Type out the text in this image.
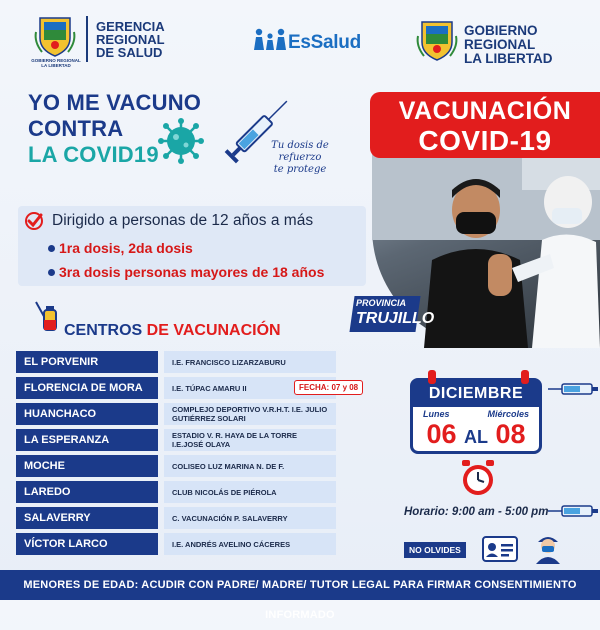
GOBIERNO REGIONAL LA LIBERTAD
GERENCIA
REGIONAL
DE SALUD	EsSalud
GOBIERNO
REGIONAL
LA LIBERTAD
YO ME VACUNO
CONTRA
LA COVID19	Tu dosis de refuerzo
te protege
VACUNACIÓN
COVID-19
PROVINCIA
TRUJILLO
Dirigido a personas de 12 años a más
1ra dosis, 2da dosis
3ra dosis personas mayores de 18 años
CENTROS DE VACUNACIÓN
EL PORVENIR	I.E. FRANCISCO LIZARZABURU
FLORENCIA DE MORA	I.E. TÚPAC AMARU II	FECHA: 07 y 08
HUANCHACO	COMPLEJO DEPORTIVO V.R.H.T. I.E. JULIO GUTIÉRREZ SOLARI
LA ESPERANZA	ESTADIO V. R. HAYA DE LA TORRE I.E.JOSÉ OLAYA
MOCHE	COLISEO LUZ MARINA N. DE F.
LAREDO	CLUB NICOLÁS DE PIÉROLA
SALAVERRY	C. VACUNACIÓN P. SALAVERRY
VÍCTOR LARCO	I.E. ANDRÉS AVELINO CÁCERES
DICIEMBRE
Lunes	Miércoles
06 AL 08
Horario: 9:00 am - 5:00 pm
NO OLVIDES
MENORES DE EDAD: ACUDIR CON PADRE/ MADRE/ TUTOR LEGAL PARA FIRMAR CONSENTIMIENTO INFORMADO
